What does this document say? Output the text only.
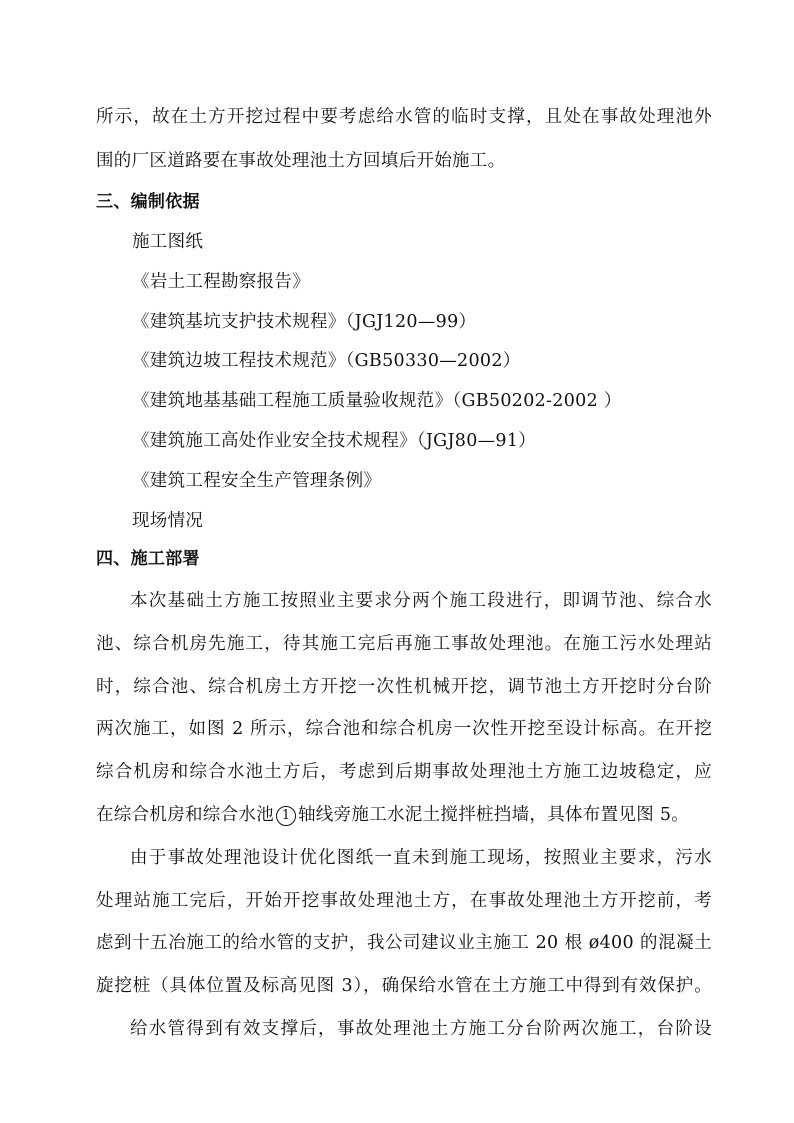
所示，故在土方开挖过程中要考虑给水管的临时支撑，且处在事故处理池外
围的厂区道路要在事故处理池土方回填后开始施工。
三、编制依据
施工图纸
《岩土工程勘察报告》
《建筑基坑支护技术规程》（JGJ120—99）
《建筑边坡工程技术规范》（GB50330—2002）
《建筑地基基础工程施工质量验收规范》（GB50202-2002 ）
《建筑施工高处作业安全技术规程》（JGJ80—91）
《建筑工程安全生产管理条例》
现场情况
四、施工部署
本次基础土方施工按照业主要求分两个施工段进行，即调节池、综合水
池、综合机房先施工，待其施工完后再施工事故处理池。在施工污水处理站
时，综合池、综合机房土方开挖一次性机械开挖，调节池土方开挖时分台阶
两次施工，如图 2 所示，综合池和综合机房一次性开挖至设计标高。在开挖
综合机房和综合水池土方后，考虑到后期事故处理池土方施工边坡稳定，应
在综合机房和综合水池 1 轴线旁施工水泥土搅拌桩挡墙，具体布置见图 5。
由于事故处理池设计优化图纸一直未到施工现场，按照业主要求，污水
处理站施工完后，开始开挖事故处理池土方，在事故处理池土方开挖前，考
虑到十五冶施工的给水管的支护，我公司建议业主施工 20 根 ø400 的混凝土
旋挖桩（具体位置及标高见图 3），确保给水管在土方施工中得到有效保护。
给水管得到有效支撑后，事故处理池土方施工分台阶两次施工，台阶设
